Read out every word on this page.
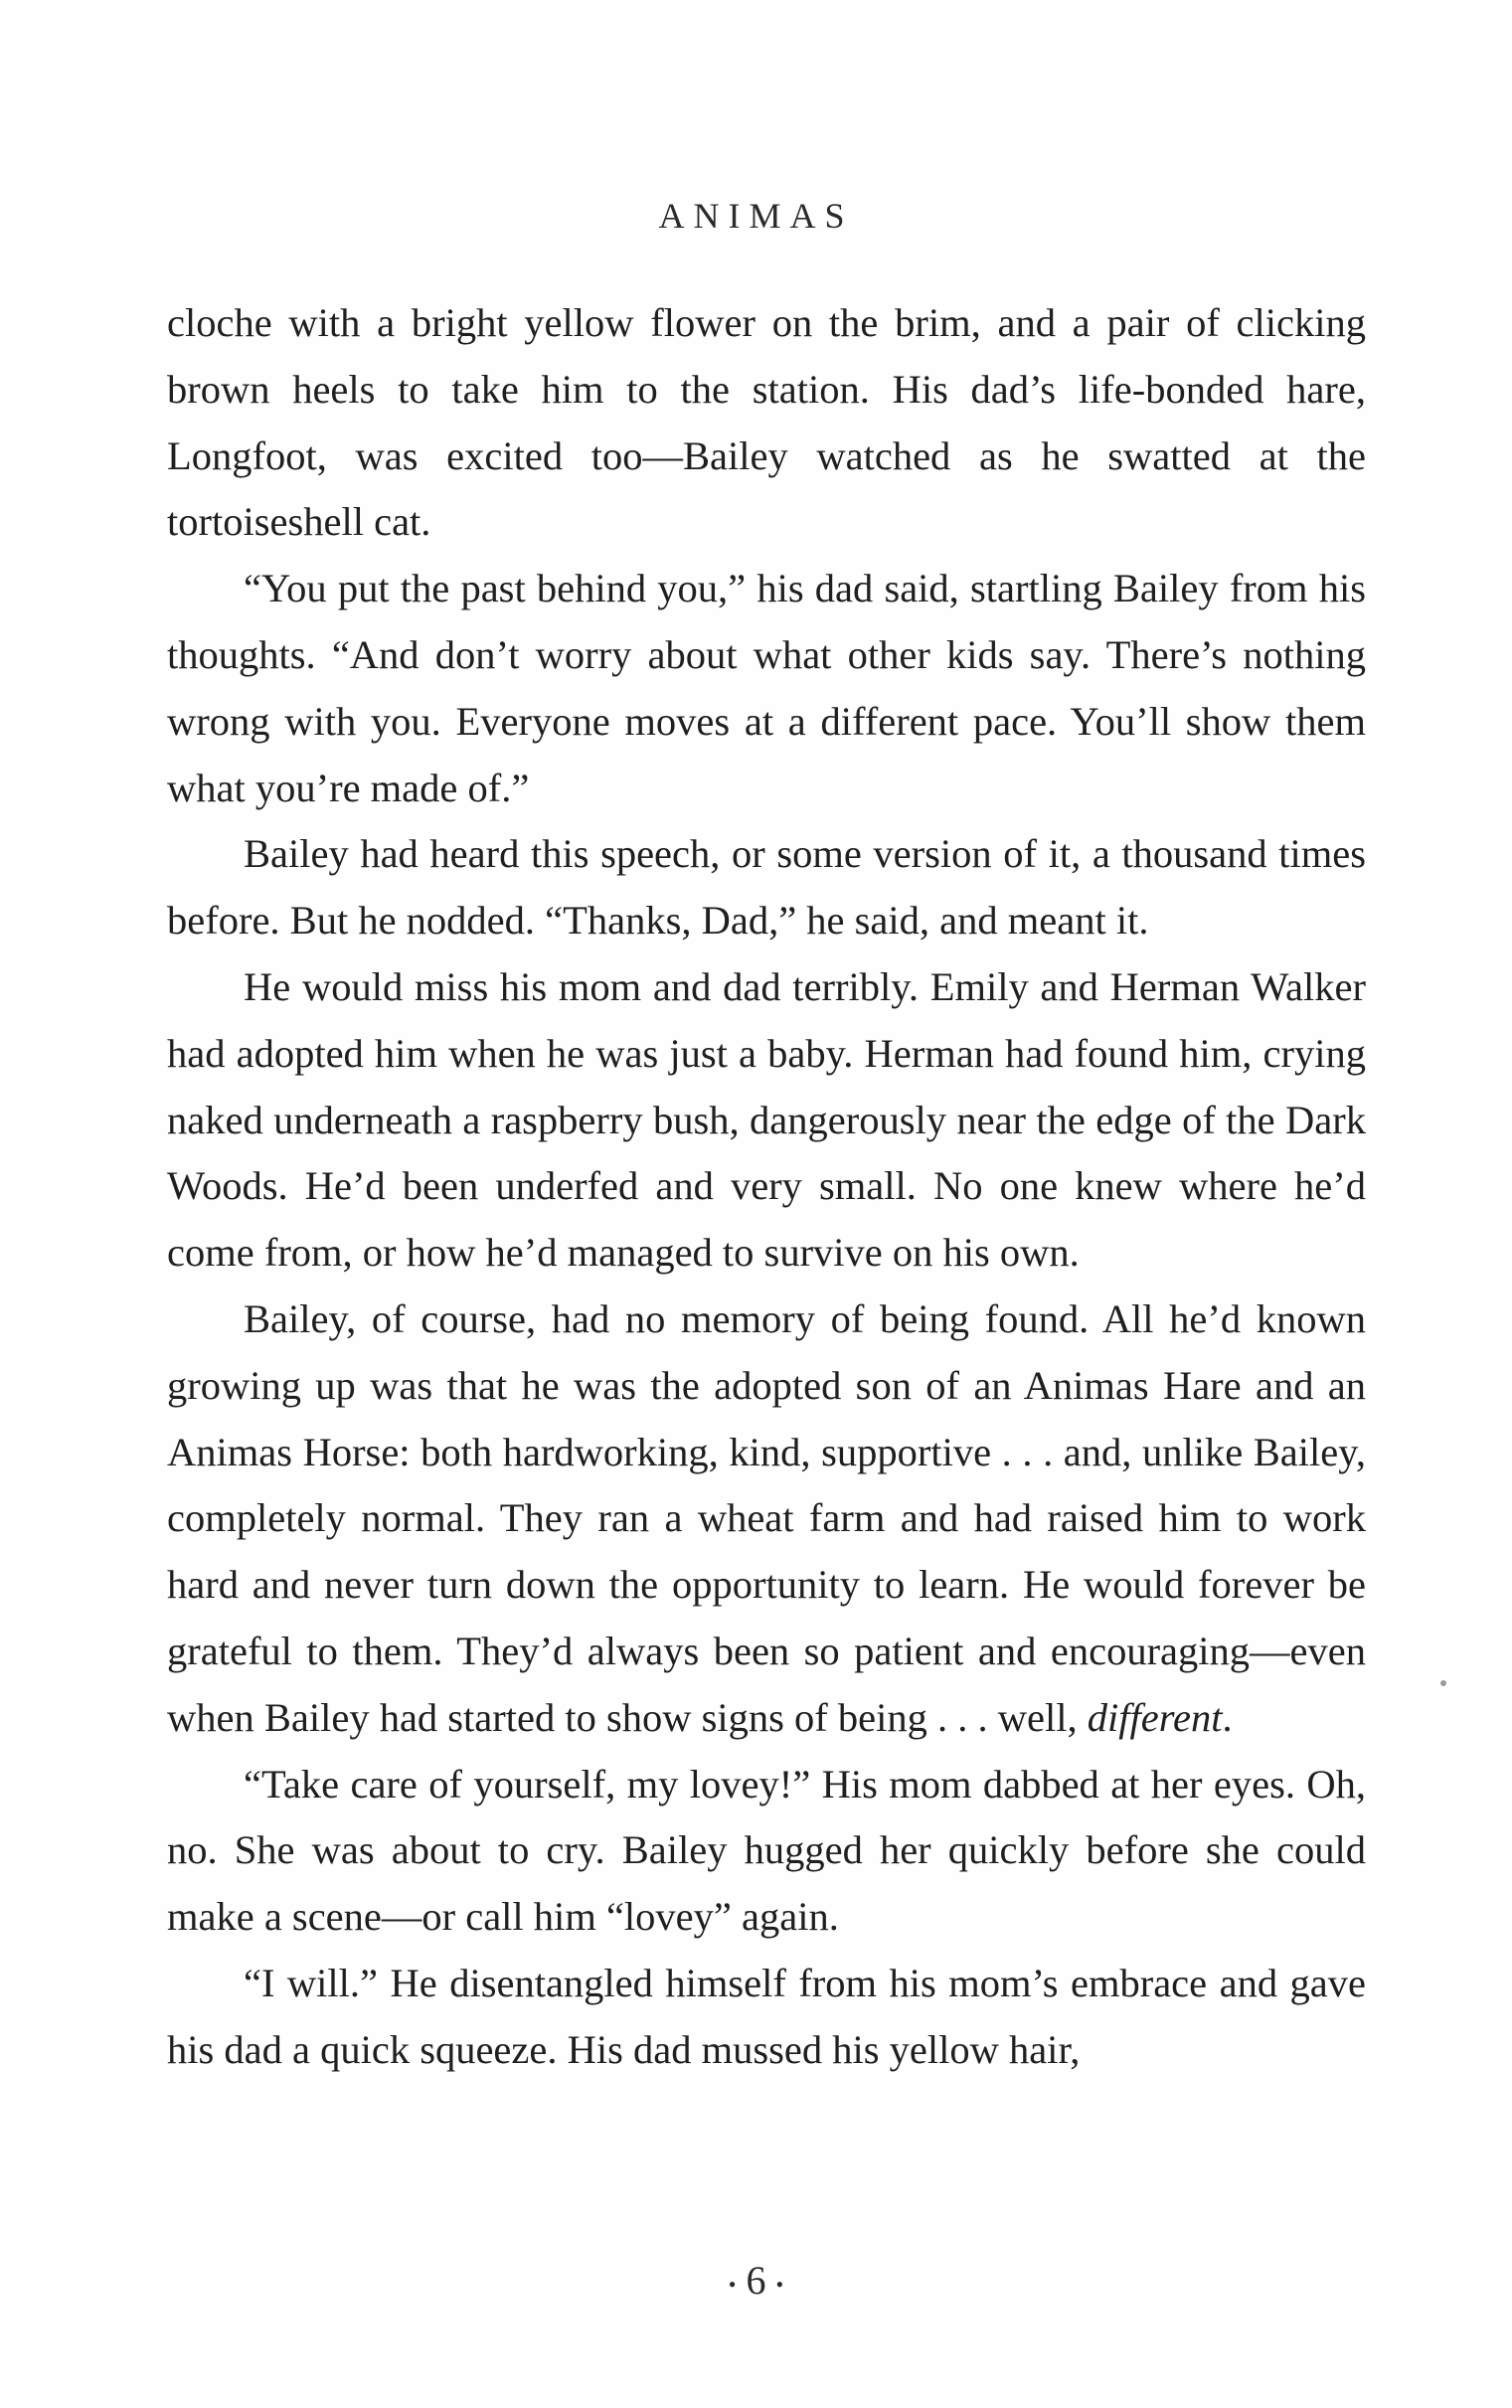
ANIMAS

cloche with a bright yellow flower on the brim, and a pair of clicking brown heels to take him to the station. His dad’s life-bonded hare, Longfoot, was excited too—Bailey watched as he swatted at the tortoiseshell cat.

“You put the past behind you,” his dad said, startling Bailey from his thoughts. “And don’t worry about what other kids say. There’s nothing wrong with you. Everyone moves at a different pace. You’ll show them what you’re made of.”

Bailey had heard this speech, or some version of it, a thousand times before. But he nodded. “Thanks, Dad,” he said, and meant it.

He would miss his mom and dad terribly. Emily and Herman Walker had adopted him when he was just a baby. Herman had found him, crying naked underneath a raspberry bush, dangerously near the edge of the Dark Woods. He’d been underfed and very small. No one knew where he’d come from, or how he’d managed to survive on his own.

Bailey, of course, had no memory of being found. All he’d known growing up was that he was the adopted son of an Animas Hare and an Animas Horse: both hardworking, kind, supportive . . . and, unlike Bailey, completely normal. They ran a wheat farm and had raised him to work hard and never turn down the opportunity to learn. He would forever be grateful to them. They’d always been so patient and encouraging—even when Bailey had started to show signs of being . . . well, different.

“Take care of yourself, my lovey!” His mom dabbed at her eyes. Oh, no. She was about to cry. Bailey hugged her quickly before she could make a scene—or call him “lovey” again.

“I will.” He disentangled himself from his mom’s embrace and gave his dad a quick squeeze. His dad mussed his yellow hair,

• 6 •
